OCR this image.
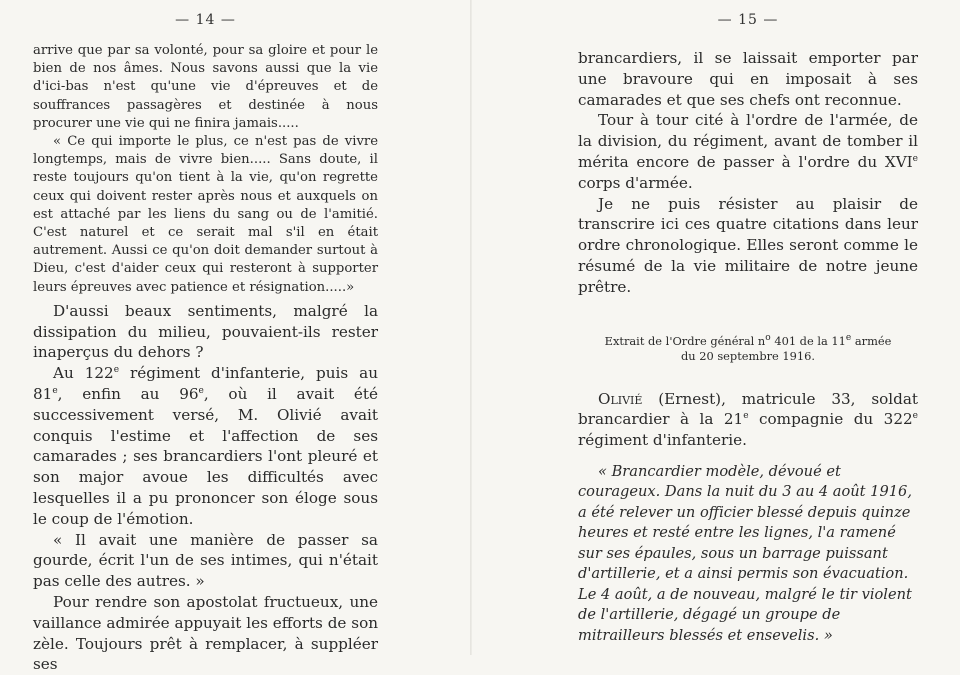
— 14 —

arrive que par sa volonté, pour sa gloire et pour le bien de nos âmes. Nous savons aussi que la vie d'ici-bas n'est qu'une vie d'épreuves et de souffrances passagères et destinée à nous procurer une vie qui ne finira jamais.....

« Ce qui importe le plus, ce n'est pas de vivre longtemps, mais de vivre bien..... Sans doute, il reste toujours qu'on tient à la vie, qu'on regrette ceux qui doivent rester après nous et auxquels on est attaché par les liens du sang ou de l'amitié. C'est naturel et ce serait mal s'il en était autrement. Aussi ce qu'on doit demander surtout à Dieu, c'est d'aider ceux qui resteront à supporter leurs épreuves avec patience et résignation.....»

D'aussi beaux sentiments, malgré la dissipation du milieu, pouvaient-ils rester inaperçus du dehors ?

Au 122e régiment d'infanterie, puis au 81e, enfin au 96e, où il avait été successivement versé, M. Olivié avait conquis l'estime et l'affection de ses camarades ; ses brancardiers l'ont pleuré et son major avoue les difficultés avec lesquelles il a pu prononcer son éloge sous le coup de l'émotion.

« Il avait une manière de passer sa gourde, écrit l'un de ses intimes, qui n'était pas celle des autres. »

Pour rendre son apostolat fructueux, une vaillance admirée appuyait les efforts de son zèle. Toujours prêt à remplacer, à suppléer ses

— 15 —

brancardiers, il se laissait emporter par une bravoure qui en imposait à ses camarades et que ses chefs ont reconnue.

Tour à tour cité à l'ordre de l'armée, de la division, du régiment, avant de tomber il mérita encore de passer à l'ordre du XVIe corps d'armée.

Je ne puis résister au plaisir de transcrire ici ces quatre citations dans leur ordre chronologique. Elles seront comme le résumé de la vie militaire de notre jeune prêtre.

Extrait de l'Ordre général $n^o$ 401 de la 11e armée
du 20 septembre 1916.

Olivié (Ernest), matricule 33, soldat brancardier à la 21e compagnie du 322e régiment d'infanterie.

« Brancardier modèle, dévoué et courageux. Dans la nuit du 3 au 4 août 1916, a été relever un officier blessé depuis quinze heures et resté entre les lignes, l'a ramené sur ses épaules, sous un barrage puissant d'artillerie, et a ainsi permis son évacuation. Le 4 août, a de nouveau, malgré le tir violent de l'artillerie, dégagé un groupe de mitrailleurs blessés et ensevelis. »
